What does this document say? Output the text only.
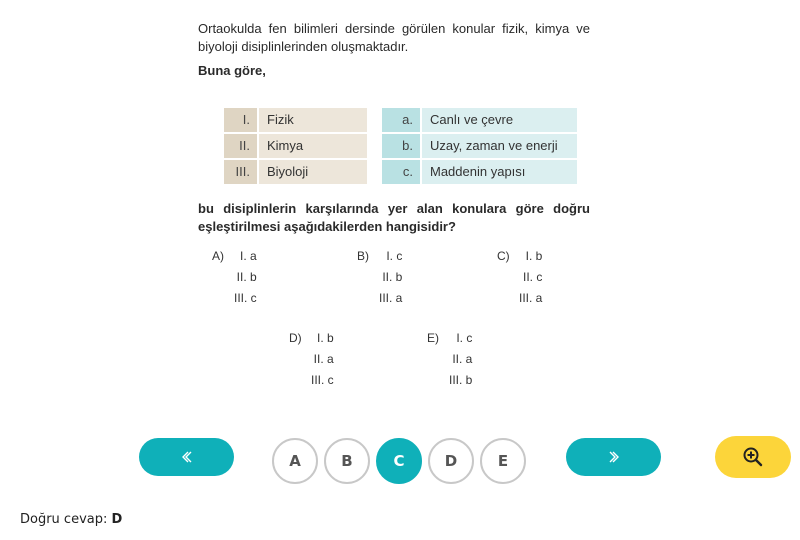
Ortaokulda fen bilimleri dersinde görülen konular fizik, kimya ve biyoloji disiplinlerinden oluşmaktadır.

Buna göre,

I.	Fizik
II.	Kimya
III.	Biyoloji
a.	Canlı ve çevre
b.	Uzay, zaman ve enerji
c.	Maddenin yapısı

bu disiplinlerin karşılarında yer alan konulara göre doğru eşleştirilmesi aşağıdakilerden hangisidir?

A)	I. a
II. b
III. c
B)	I. c
II. b
III. a
C)	I. b
II. c
III. a
D)	I. b
II. a
III. c
E)	I. c
II. a
III. b
A	B	C	D	E
Doğru cevap: D
